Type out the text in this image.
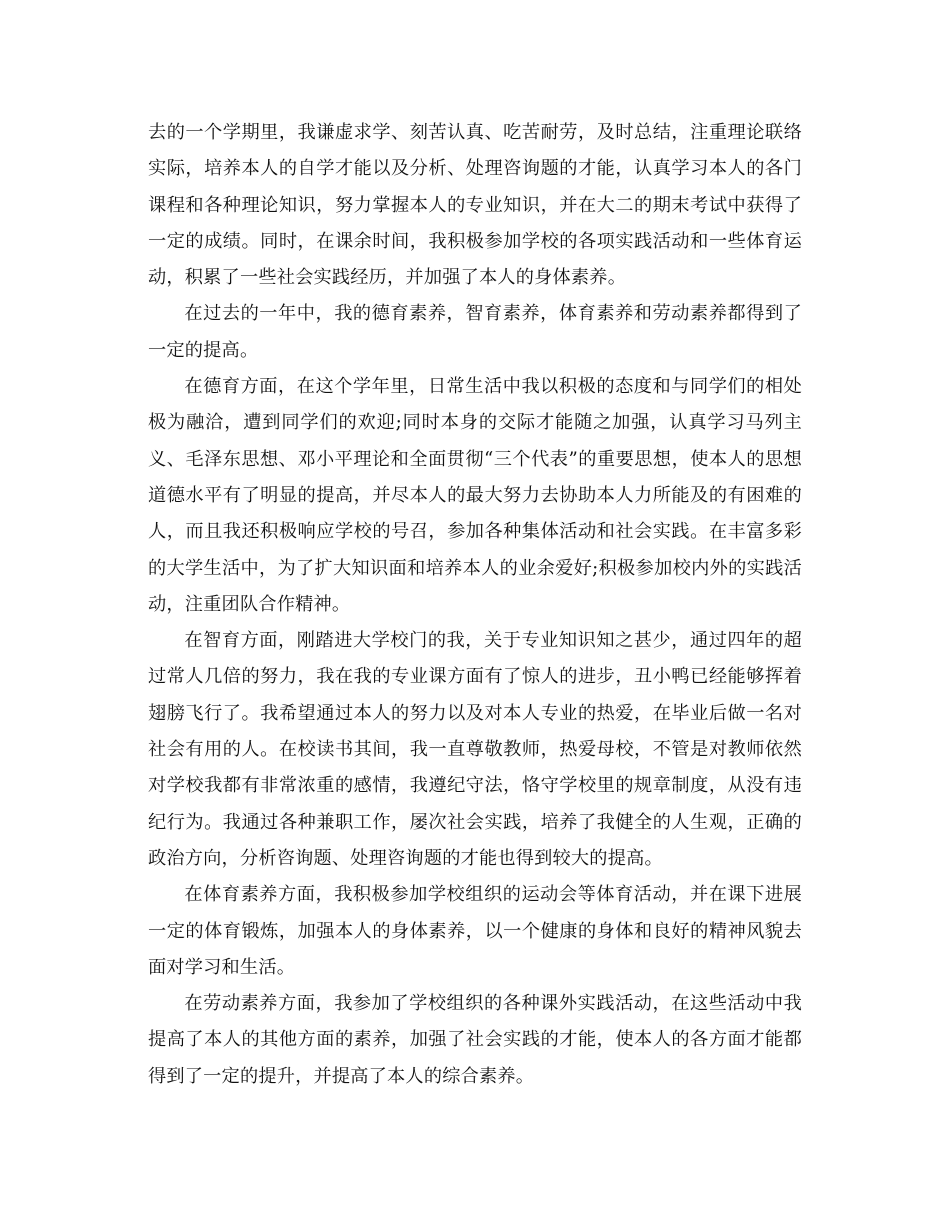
去的一个学期里，我谦虚求学、刻苦认真、吃苦耐劳，及时总结，注重理论联络实际，培养本人的自学才能以及分析、处理咨询题的才能，认真学习本人的各门课程和各种理论知识，努力掌握本人的专业知识，并在大二的期末考试中获得了一定的成绩。同时，在课余时间，我积极参加学校的各项实践活动和一些体育运动，积累了一些社会实践经历，并加强了本人的身体素养。

在过去的一年中，我的德育素养，智育素养，体育素养和劳动素养都得到了一定的提高。

在德育方面，在这个学年里，日常生活中我以积极的态度和与同学们的相处极为融洽，遭到同学们的欢迎;同时本身的交际才能随之加强，认真学习马列主义、毛泽东思想、邓小平理论和全面贯彻“三个代表”的重要思想，使本人的思想道德水平有了明显的提高，并尽本人的最大努力去协助本人力所能及的有困难的人，而且我还积极响应学校的号召，参加各种集体活动和社会实践。在丰富多彩的大学生活中，为了扩大知识面和培养本人的业余爱好;积极参加校内外的实践活动，注重团队合作精神。

在智育方面，刚踏进大学校门的我，关于专业知识知之甚少，通过四年的超过常人几倍的努力，我在我的专业课方面有了惊人的进步，丑小鸭已经能够挥着翅膀飞行了。我希望通过本人的努力以及对本人专业的热爱，在毕业后做一名对社会有用的人。在校读书其间，我一直尊敬教师，热爱母校，不管是对教师依然对学校我都有非常浓重的感情，我遵纪守法，恪守学校里的规章制度，从没有违纪行为。我通过各种兼职工作，屡次社会实践，培养了我健全的人生观，正确的政治方向，分析咨询题、处理咨询题的才能也得到较大的提高。

在体育素养方面，我积极参加学校组织的运动会等体育活动，并在课下进展一定的体育锻炼，加强本人的身体素养，以一个健康的身体和良好的精神风貌去面对学习和生活。

在劳动素养方面，我参加了学校组织的各种课外实践活动，在这些活动中我提高了本人的其他方面的素养，加强了社会实践的才能，使本人的各方面才能都得到了一定的提升，并提高了本人的综合素养。
